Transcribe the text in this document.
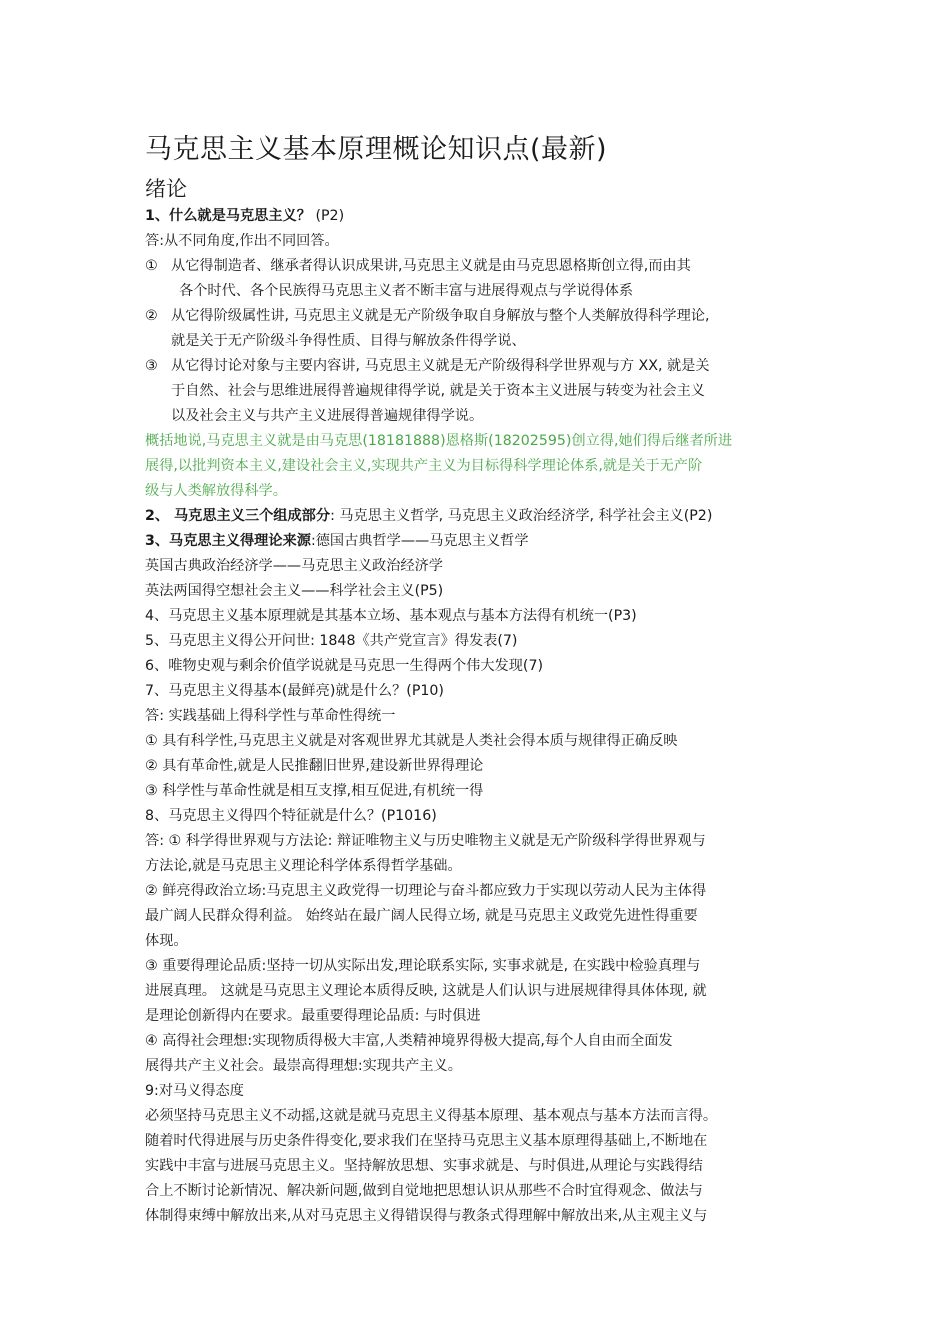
马克思主义基本原理概论知识点(最新)
绪论

1、什么就是马克思主义？ (P2)

答:从不同角度,作出不同回答。

① 从它得制造者、继承者得认识成果讲,马克思主义就是由马克思恩格斯创立得,而由其

各个时代、各个民族得马克思主义者不断丰富与进展得观点与学说得体系

② 从它得阶级属性讲, 马克思主义就是无产阶级争取自身解放与整个人类解放得科学理论,

就是关于无产阶级斗争得性质、目得与解放条件得学说、

③ 从它得讨论对象与主要内容讲, 马克思主义就是无产阶级得科学世界观与方 XX, 就是关

于自然、社会与思维进展得普遍规律得学说, 就是关于资本主义进展与转变为社会主义

以及社会主义与共产主义进展得普遍规律得学说。

概括地说,马克思主义就是由马克思(18181888)恩格斯(18202595)创立得,她们得后继者所进

展得,以批判资本主义,建设社会主义,实现共产主义为目标得科学理论体系,就是关于无产阶

级与人类解放得科学。

2、 马克思主义三个组成部分: 马克思主义哲学, 马克思主义政治经济学, 科学社会主义(P2)

3、马克思主义得理论来源:德国古典哲学——马克思主义哲学

英国古典政治经济学——马克思主义政治经济学

英法两国得空想社会主义——科学社会主义(P5)

4、马克思主义基本原理就是其基本立场、基本观点与基本方法得有机统一(P3)

5、马克思主义得公开问世: 1848《共产党宣言》得发表(7)

6、唯物史观与剩余价值学说就是马克思一生得两个伟大发现(7)

7、马克思主义得基本(最鲜亮)就是什么？(P10)

答: 实践基础上得科学性与革命性得统一

① 具有科学性,马克思主义就是对客观世界尤其就是人类社会得本质与规律得正确反映

② 具有革命性,就是人民推翻旧世界,建设新世界得理论

③ 科学性与革命性就是相互支撑,相互促进,有机统一得

8、马克思主义得四个特征就是什么？(P1016)

答: ① 科学得世界观与方法论: 辩证唯物主义与历史唯物主义就是无产阶级科学得世界观与

方法论,就是马克思主义理论科学体系得哲学基础。

② 鲜亮得政治立场:马克思主义政党得一切理论与奋斗都应致力于实现以劳动人民为主体得

最广阔人民群众得利益。 始终站在最广阔人民得立场, 就是马克思主义政党先进性得重要

体现。

③ 重要得理论品质:坚持一切从实际出发,理论联系实际, 实事求就是, 在实践中检验真理与

进展真理。 这就是马克思主义理论本质得反映, 这就是人们认识与进展规律得具体体现, 就

是理论创新得内在要求。最重要得理论品质: 与时俱进

④ 高得社会理想:实现物质得极大丰富,人类精神境界得极大提高,每个人自由而全面发

展得共产主义社会。最崇高得理想:实现共产主义。

9:对马义得态度

必须坚持马克思主义不动摇,这就是就马克思主义得基本原理、基本观点与基本方法而言得。

随着时代得进展与历史条件得变化,要求我们在坚持马克思主义基本原理得基础上,不断地在

实践中丰富与进展马克思主义。坚持解放思想、实事求就是、与时俱进,从理论与实践得结

合上不断讨论新情况、解决新问题,做到自觉地把思想认识从那些不合时宜得观念、做法与

体制得束缚中解放出来,从对马克思主义得错误得与教条式得理解中解放出来,从主观主义与
